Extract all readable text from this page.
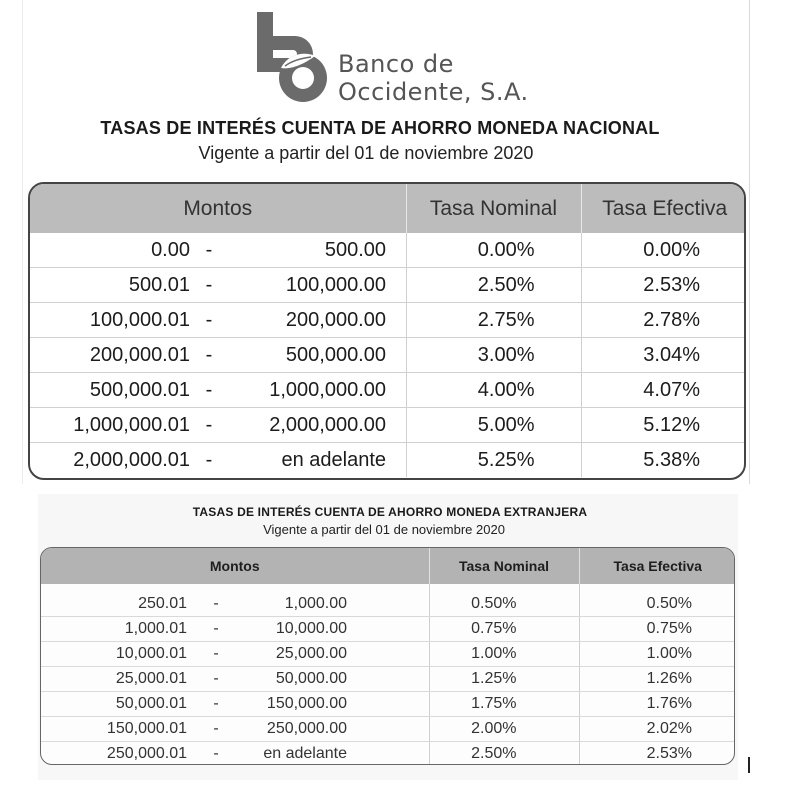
Banco de
Occidente, S.A.
TASAS DE INTERÉS CUENTA DE AHORRO MONEDA NACIONAL
Vigente a partir del 01 de noviembre 2020
Montos	Tasa Nominal	Tasa Efectiva

0.00 - 500.00	0.00%	0.00%

500.01 - 100,000.00	2.50%	2.53%

100,000.01 - 200,000.00	2.75%	2.78%

200,000.01 - 500,000.00	3.00%	3.04%

500,000.01 - 1,000,000.00	4.00%	4.07%

1,000,000.01 - 2,000,000.00	5.00%	5.12%

2,000,000.01 - en adelante	5.25%	5.38%
TASAS DE INTERÉS CUENTA DE AHORRO MONEDA EXTRANJERA
Vigente a partir del 01 de noviembre 2020
Montos	Tasa Nominal	Tasa Efectiva

250.01 - 1,000.00	0.50%	0.50%

1,000.01 - 10,000.00	0.75%	0.75%

10,000.01 - 25,000.00	1.00%	1.00%

25,000.01 - 50,000.00	1.25%	1.26%

50,000.01 - 150,000.00	1.75%	1.76%

150,000.01 - 250,000.00	2.00%	2.02%

250,000.01 - en adelante	2.50%	2.53%
